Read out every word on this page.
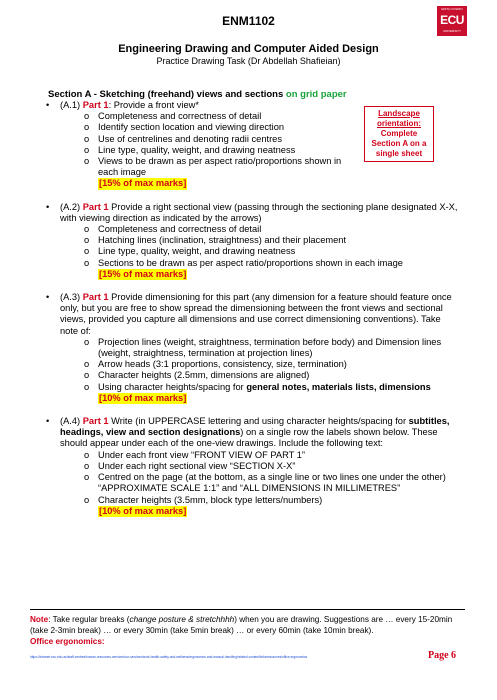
ENM1102
EDITH COWAN
ECU
UNIVERSITY
Engineering Drawing and Computer Aided Design
Practice Drawing Task (Dr Abdellah Shafieian)
Section A - Sketching (freehand) views and sections on grid paper
Landscape
orientation:
Complete
Section A on a
single sheet
• (A.1) Part 1: Provide a front view*
o Completeness and correctness of detail
o Identify section location and viewing direction
o Use of centrelines and denoting radii centres
o Line type, quality, weight, and drawing neatness
o Views to be drawn as per aspect ratio/proportions shown in each image
[15% of max marks]
• (A.2) Part 1 Provide a right sectional view (passing through the sectioning plane designated X-X, with viewing direction as indicated by the arrows)
o Completeness and correctness of detail
o Hatching lines (inclination, straightness) and their placement
o Line type, quality, weight, and drawing neatness
o Sections to be drawn as per aspect ratio/proportions shown in each image
[15% of max marks]
• (A.3) Part 1 Provide dimensioning for this part (any dimension for a feature should feature once only, but you are free to show spread the dimensioning between the front views and sectional views, provided you capture all dimensions and use correct dimensioning conventions). Take note of:
o Projection lines (weight, straightness, termination before body) and Dimension lines (weight, straightness, termination at projection lines)
o Arrow heads (3:1 proportions, consistency, size, termination)
o Character heights (2.5mm, dimensions are aligned)
o Using character heights/spacing for general notes, materials lists, dimensions
[10% of max marks]
• (A.4) Part 1 Write (in UPPERCASE lettering and using character heights/spacing for subtitles, headings, view and section designations) on a single row the labels shown below. These should appear under each of the one-view drawings. Include the following text:
o Under each front view “FRONT VIEW OF PART 1”
o Under each right sectional view “SECTION X-X”
o Centred on the page (at the bottom, as a single line or two lines one under the other) “APPROXIMATE SCALE 1:1” and “ALL DIMENSIONS IN MILLIMETRES”
o Character heights (3.5mm, block type letters/numbers)
[10% of max marks]
Note: Take regular breaks (change posture & stretchhhh) when you are drawing. Suggestions are … every 15-20min (take 2-3min break) … or every 30min (take 5min break) … or every 60min (take 10min break).
Office ergonomics:
https://intranet.ecu.edu.au/staff-centres/human-resources-services/our-services/work-health-safety-and-wellness/ergonomics-and-manual-handling/related-content/links/resources/office-ergonomics	Page 6
